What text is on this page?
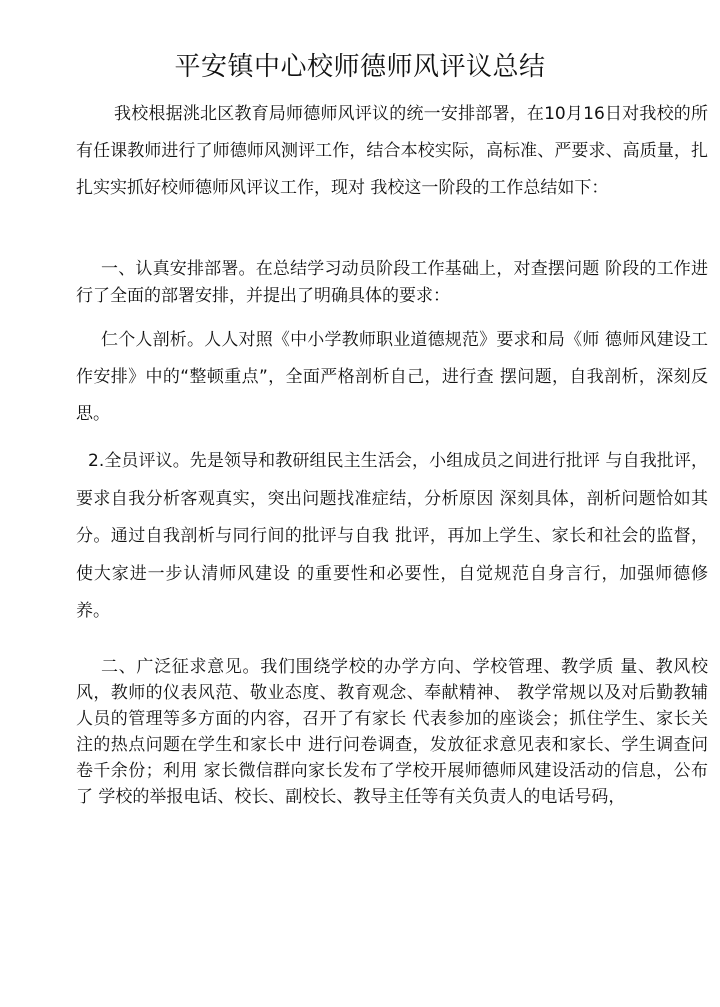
平安镇中心校师德师风评议总结

我校根据洮北区教育局师德师风评议的统一安排部署，在10月16日对我校的所有任课教师进行了师德师风测评工作，结合本校实际，高标准、严要求、高质量，扎扎实实抓好校师德师风评议工作，现对 我校这一阶段的工作总结如下：

一、认真安排部署。在总结学习动员阶段工作基础上，对查摆问题 阶段的工作进行了全面的部署安排，并提出了明确具体的要求：

仁个人剖析。人人对照《中小学教师职业道德规范》要求和局《师 德师风建设工作安排》中的“整顿重点”，全面严格剖析自己，进行查 摆问题，自我剖析，深刻反思。

2.全员评议。先是领导和教研组民主生活会，小组成员之间进行批评 与自我批评，要求自我分析客观真实，突出问题找准症结，分析原因 深刻具体，剖析问题恰如其分。通过自我剖析与同行间的批评与自我 批评，再加上学生、家长和社会的监督，使大家进一步认清师风建设 的重要性和必要性，自觉规范自身言行，加强师德修养。

二、广泛征求意见。我们围绕学校的办学方向、学校管理、教学质 量、教风校风，教师的仪表风范、敬业态度、教育观念、奉献精神、 教学常规以及对后勤教辅人员的管理等多方面的内容，召开了有家长 代表参加的座谈会；抓住学生、家长关注的热点问题在学生和家长中 进行问卷调查，发放征求意见表和家长、学生调查问卷千余份；利用 家长微信群向家长发布了学校开展师德师风建设活动的信息，公布了 学校的举报电话、校长、副校长、教导主任等有关负责人的电话号码，
